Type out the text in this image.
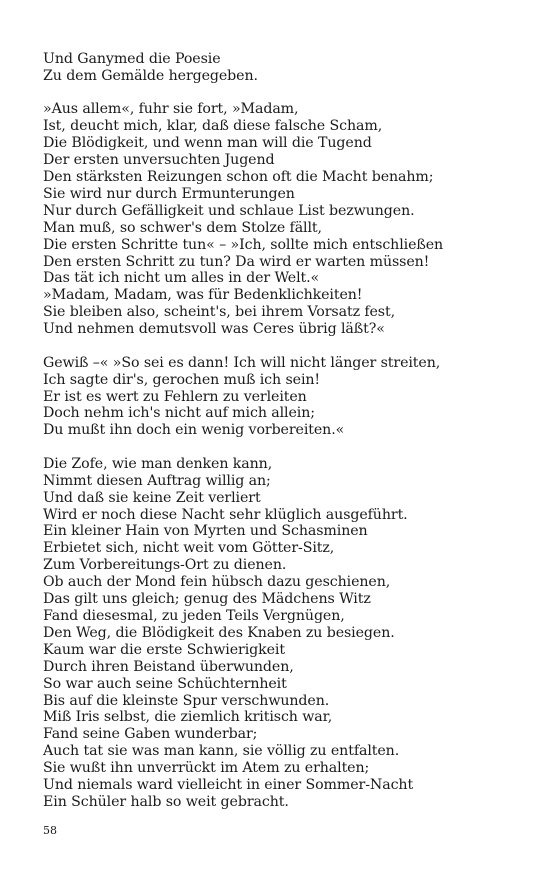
Und Ganymed die Poesie
Zu dem Gemälde hergegeben.
»Aus allem«, fuhr sie fort, »Madam,
Ist, deucht mich, klar, daß diese falsche Scham,
Die Blödigkeit, und wenn man will die Tugend
Der ersten unversuchten Jugend
Den stärksten Reizungen schon oft die Macht benahm;
Sie wird nur durch Ermunterungen
Nur durch Gefälligkeit und schlaue List bezwungen.
Man muß, so schwer's dem Stolze fällt,
Die ersten Schritte tun« – »Ich, sollte mich entschließen
Den ersten Schritt zu tun? Da wird er warten müssen!
Das tät ich nicht um alles in der Welt.«
»Madam, Madam, was für Bedenklichkeiten!
Sie bleiben also, scheint's, bei ihrem Vorsatz fest,
Und nehmen demutsvoll was Ceres übrig läßt?«
Gewiß –« »So sei es dann! Ich will nicht länger streiten,
Ich sagte dir's, gerochen muß ich sein!
Er ist es wert zu Fehlern zu verleiten
Doch nehm ich's nicht auf mich allein;
Du mußt ihn doch ein wenig vorbereiten.«
Die Zofe, wie man denken kann,
Nimmt diesen Auftrag willig an;
Und daß sie keine Zeit verliert
Wird er noch diese Nacht sehr klüglich ausgeführt.
Ein kleiner Hain von Myrten und Schasminen
Erbietet sich, nicht weit vom Götter-Sitz,
Zum Vorbereitungs-Ort zu dienen.
Ob auch der Mond fein hübsch dazu geschienen,
Das gilt uns gleich; genug des Mädchens Witz
Fand diesesmal, zu jeden Teils Vergnügen,
Den Weg, die Blödigkeit des Knaben zu besiegen.
Kaum war die erste Schwierigkeit
Durch ihren Beistand überwunden,
So war auch seine Schüchternheit
Bis auf die kleinste Spur verschwunden.
Miß Iris selbst, die ziemlich kritisch war,
Fand seine Gaben wunderbar;
Auch tat sie was man kann, sie völlig zu entfalten.
Sie wußt ihn unverrückt im Atem zu erhalten;
Und niemals ward vielleicht in einer Sommer-Nacht
Ein Schüler halb so weit gebracht.
58
